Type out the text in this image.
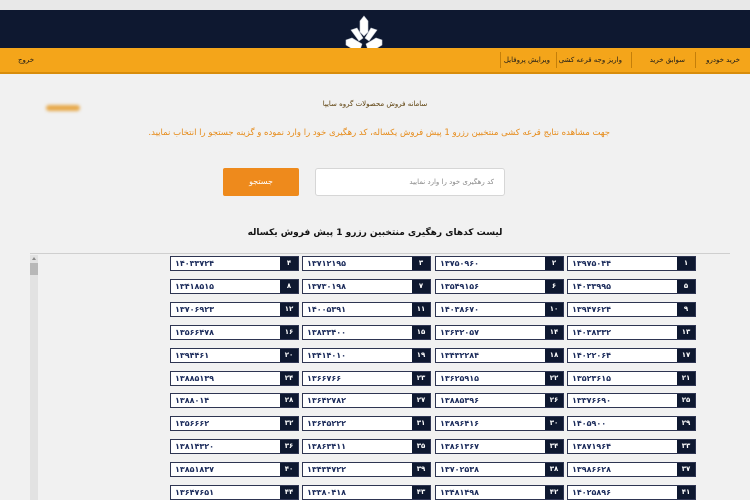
خرید خودرو
سوابق خرید
واریز وجه قرعه کشی
ویرایش پروفایل
سامانه فروش محصولات گروه سایپا
خروج
جهت مشاهده نتایج قرعه کشی منتخبین رزرو 1 پیش فروش یکساله، کد رهگیری خود را وارد نموده و گزینه جستجو را انتخاب نمایید.
جستجو
کد رهگیری خود را وارد نمایید
لیست کدهای رهگیری منتخبین رزرو 1 پیش فروش یکساله
۱۳۹۷۵۰۴۴	۱
۱۳۷۵۰۹۶۰	۲
۱۳۷۱۲۱۹۵	۳
۱۴۰۳۳۷۲۴	۴
۱۴۰۳۳۹۹۵	۵
۱۳۵۴۹۱۵۶	۶
۱۳۷۳۰۱۹۸	۷
۱۳۴۱۸۵۱۵	۸
۱۳۹۴۷۶۲۴	۹
۱۴۰۳۸۶۷۰	۱۰
۱۴۰۰۵۳۹۱	۱۱
۱۳۷۰۶۹۲۳	۱۲
۱۴۰۳۸۳۳۲	۱۳
۱۳۶۳۲۰۵۷	۱۴
۱۳۸۳۳۴۰۰	۱۵
۱۳۵۶۶۴۷۸	۱۶
۱۴۰۲۲۰۶۴	۱۷
۱۳۴۳۲۲۸۴	۱۸
۱۳۴۱۴۰۱۰	۱۹
۱۳۹۴۴۶۱	۲۰
۱۳۵۲۳۶۱۵	۲۱
۱۳۶۲۵۹۱۵	۲۲
۱۳۶۶۷۶۶	۲۳
۱۳۸۸۵۱۳۹	۲۴
۱۳۳۷۶۶۹۰	۲۵
۱۳۸۸۵۳۹۶	۲۶
۱۳۶۴۲۷۸۲	۲۷
۱۳۸۸۰۱۴	۲۸
۱۴۰۵۹۰۰	۲۹
۱۳۸۹۶۴۱۶	۳۰
۱۳۶۴۵۲۲۲	۳۱
۱۳۵۶۶۶۲	۳۲
۱۳۸۷۱۹۶۴	۳۳
۱۳۸۶۱۳۶۷	۳۴
۱۳۸۶۳۴۱۱	۳۵
۱۳۸۱۴۳۲۰	۳۶
۱۳۹۸۶۶۲۸	۳۷
۱۳۷۰۲۵۳۸	۳۸
۱۳۴۳۴۷۲۲	۳۹
۱۳۸۵۱۸۳۷	۴۰
۱۴۰۲۵۸۹۶	۴۱
۱۳۴۸۱۴۹۸	۴۲
۱۳۳۸۰۴۱۸	۴۳
۱۳۶۴۷۶۵۱	۴۴
